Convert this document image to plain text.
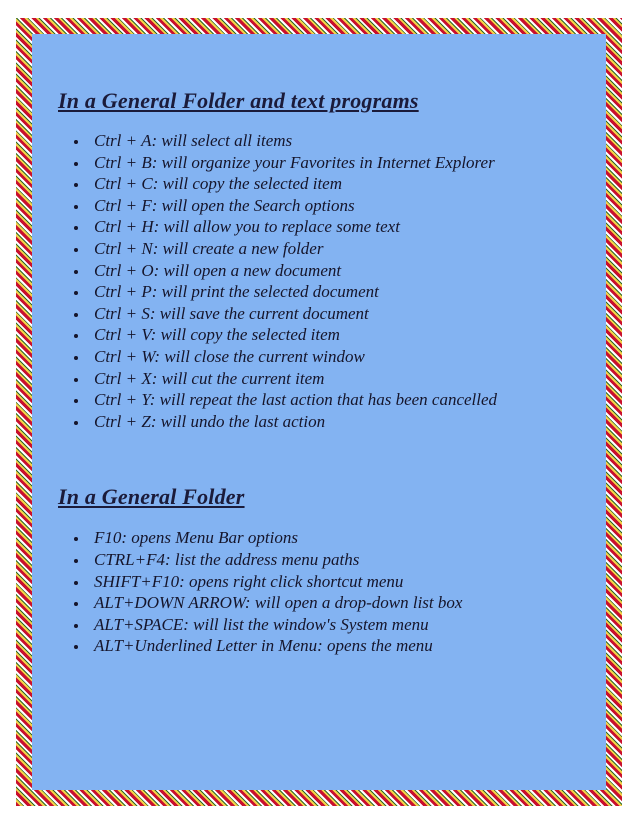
In a General Folder and text programs
Ctrl + A: will select all items
Ctrl + B: will organize your Favorites in Internet Explorer
Ctrl + C: will copy the selected item
Ctrl + F: will open the Search options
Ctrl + H: will allow you to replace some text
Ctrl + N: will create a new folder
Ctrl + O: will open a new document
Ctrl + P: will print the selected document
Ctrl + S: will save the current document
Ctrl + V: will copy the selected item
Ctrl + W: will close the current window
Ctrl + X: will cut the current item
Ctrl + Y: will repeat the last action that has been cancelled
Ctrl + Z: will undo the last action
In a General Folder
F10: opens Menu Bar options
CTRL+F4: list the address menu paths
SHIFT+F10: opens right click shortcut menu
ALT+DOWN ARROW: will open a drop-down list box
ALT+SPACE: will list the window's System menu
ALT+Underlined Letter in Menu: opens the menu
